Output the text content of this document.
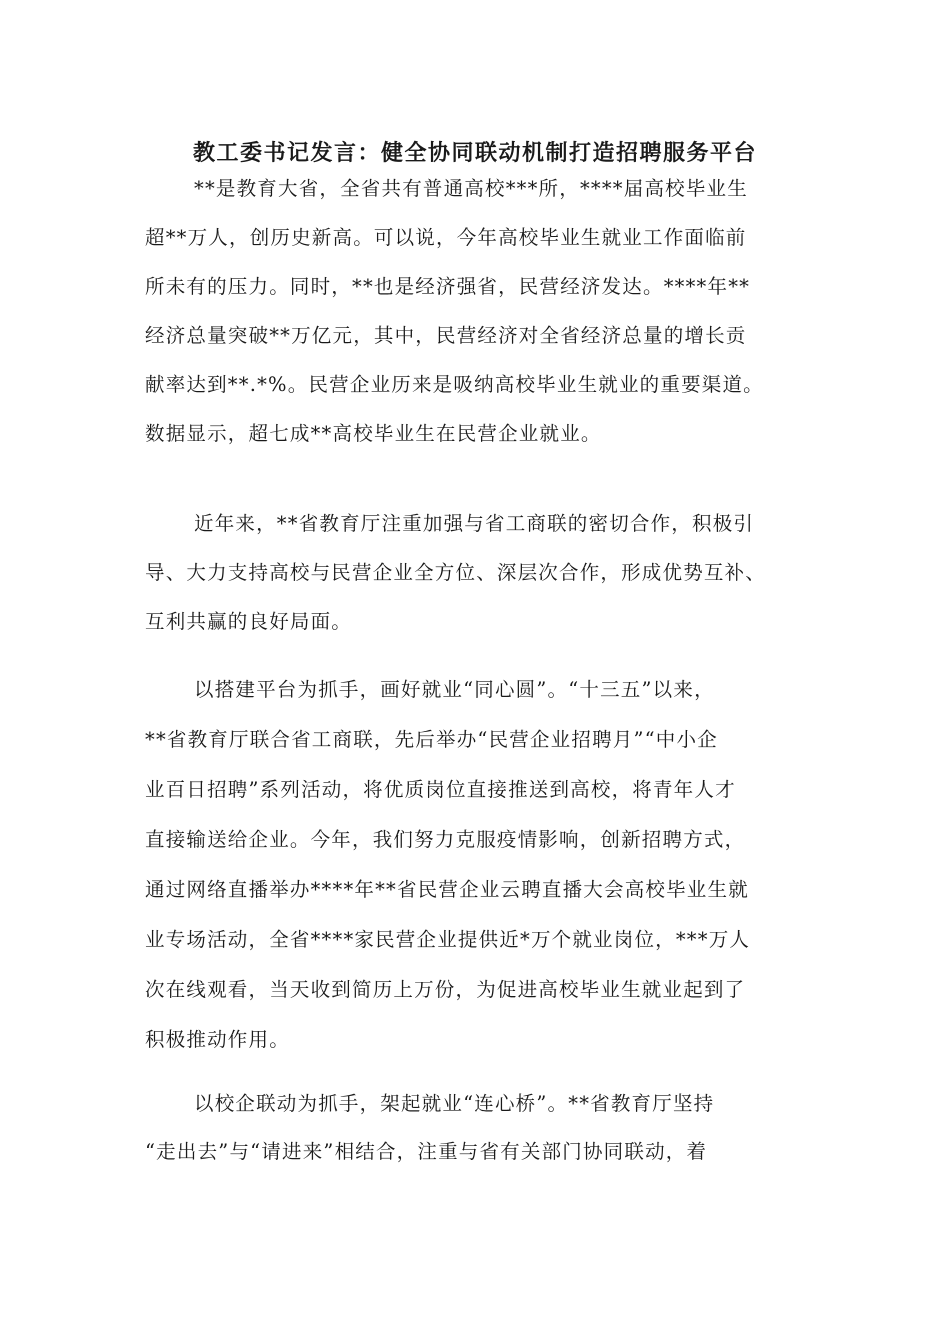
教工委书记发言：健全协同联动机制打造招聘服务平台
**是教育大省，全省共有普通高校***所，****届高校毕业生
超**万人，创历史新高。可以说，今年高校毕业生就业工作面临前
所未有的压力。同时，**也是经济强省，民营经济发达。****年**
经济总量突破**万亿元，其中，民营经济对全省经济总量的增长贡
献率达到**.*%。民营企业历来是吸纳高校毕业生就业的重要渠道。
数据显示，超七成**高校毕业生在民营企业就业。
近年来，**省教育厅注重加强与省工商联的密切合作，积极引
导、大力支持高校与民营企业全方位、深层次合作，形成优势互补、
互利共赢的良好局面。
以搭建平台为抓手，画好就业“同心圆”。“十三五”以来，
**省教育厅联合省工商联，先后举办“民营企业招聘月”“中小企
业百日招聘”系列活动，将优质岗位直接推送到高校，将青年人才
直接输送给企业。今年，我们努力克服疫情影响，创新招聘方式，
通过网络直播举办****年**省民营企业云聘直播大会高校毕业生就
业专场活动，全省****家民营企业提供近*万个就业岗位，***万人
次在线观看，当天收到简历上万份，为促进高校毕业生就业起到了
积极推动作用。
以校企联动为抓手，架起就业“连心桥”。**省教育厅坚持
“走出去”与“请进来”相结合，注重与省有关部门协同联动，着
